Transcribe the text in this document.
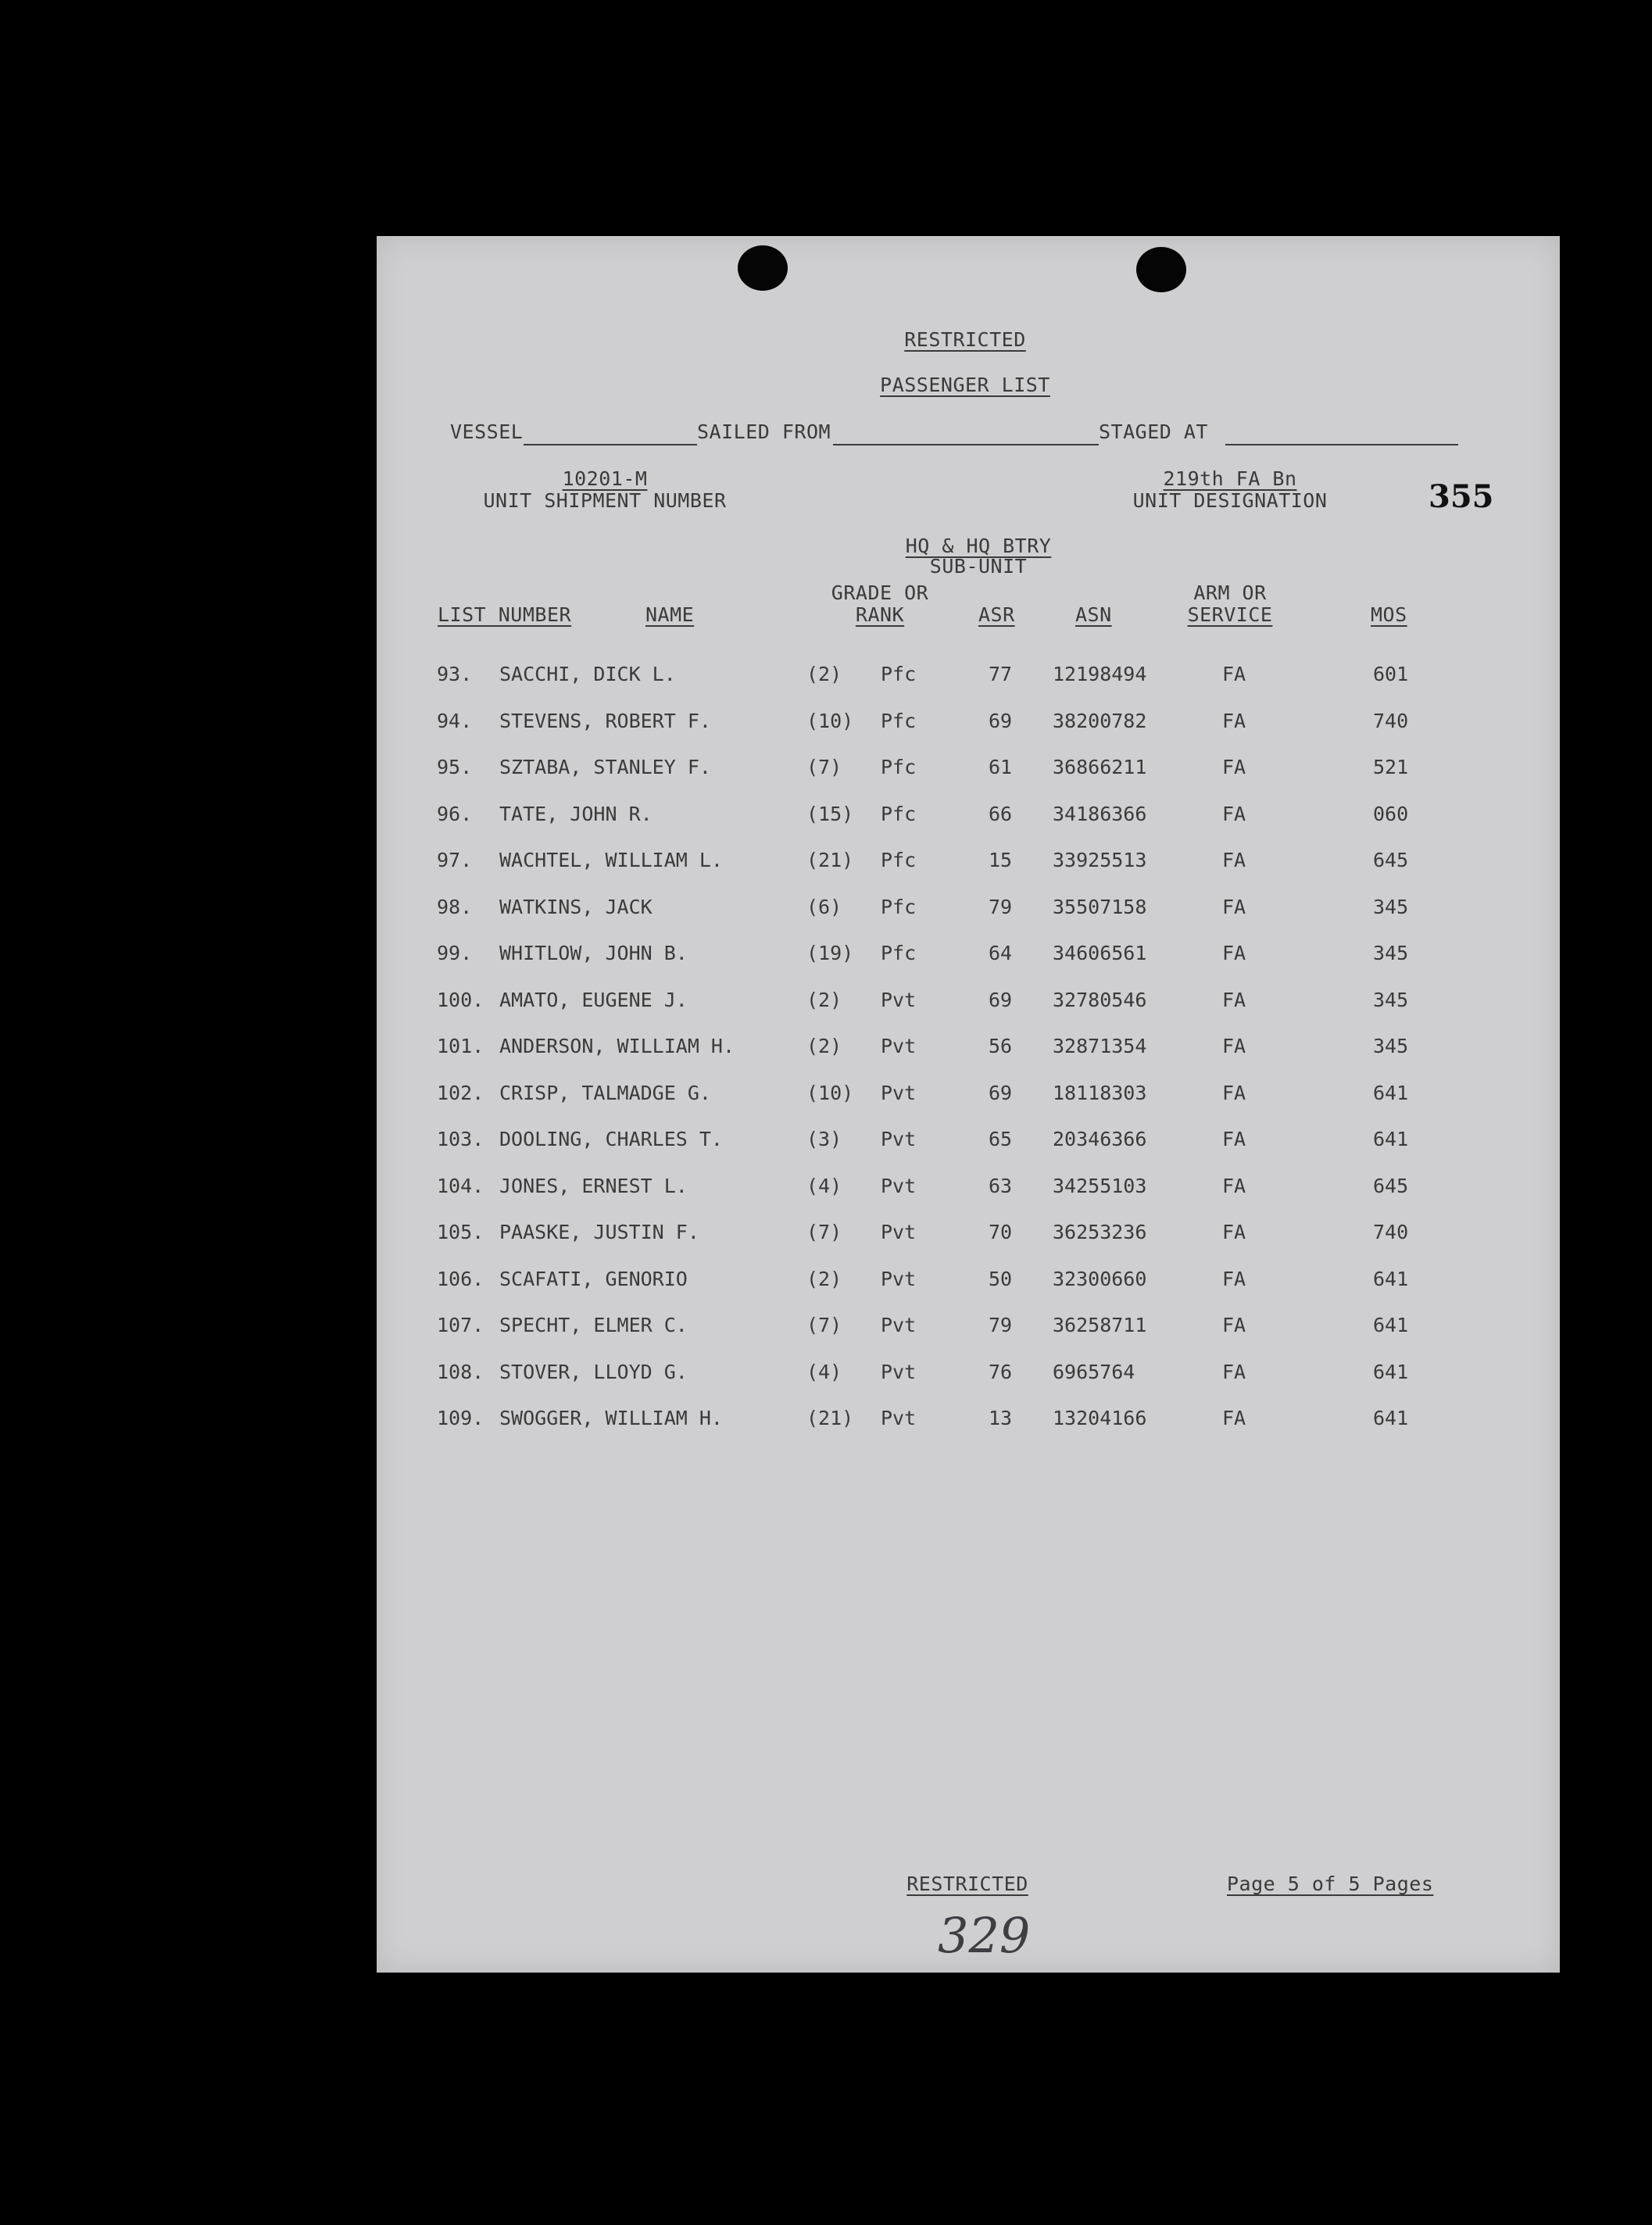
RESTRICTED
PASSENGER LIST
VESSEL	SAILED FROM	STAGED AT
10201-M
UNIT SHIPMENT NUMBER
219th FA Bn
UNIT DESIGNATION	355
HQ & HQ BTRY
SUB-UNIT
GRADE OR
RANK
ARM OR
SERVICE
LIST NUMBER	NAME	ASR	ASN	MOS
93. SACCHI, DICK L.	(2) Pfc	77 12198494	FA	601
94. STEVENS, ROBERT F.	(10) Pfc	69 38200782	FA	740
95. SZTABA, STANLEY F.	(7) Pfc	61 36866211	FA	521
96. TATE, JOHN R.	(15) Pfc	66 34186366	FA	060
97. WACHTEL, WILLIAM L.	(21) Pfc	15 33925513	FA	645
98. WATKINS, JACK	(6) Pfc	79 35507158	FA	345
99. WHITLOW, JOHN B.	(19) Pfc	64 34606561	FA	345
100. AMATO, EUGENE J.	(2) Pvt	69 32780546	FA	345
101. ANDERSON, WILLIAM H.	(2) Pvt	56 32871354	FA	345
102. CRISP, TALMADGE G.	(10) Pvt	69 18118303	FA	641
103. DOOLING, CHARLES T.	(3) Pvt	65 20346366	FA	641
104. JONES, ERNEST L.	(4) Pvt	63 34255103	FA	645
105. PAASKE, JUSTIN F.	(7) Pvt	70 36253236	FA	740
106. SCAFATI, GENORIO	(2) Pvt	50 32300660	FA	641
107. SPECHT, ELMER C.	(7) Pvt	79 36258711	FA	641
108. STOVER, LLOYD G.	(4) Pvt	76 6965764	FA	641
109. SWOGGER, WILLIAM H.	(21) Pvt	13 13204166	FA	641
RESTRICTED	Page 5 of 5 Pages
329
